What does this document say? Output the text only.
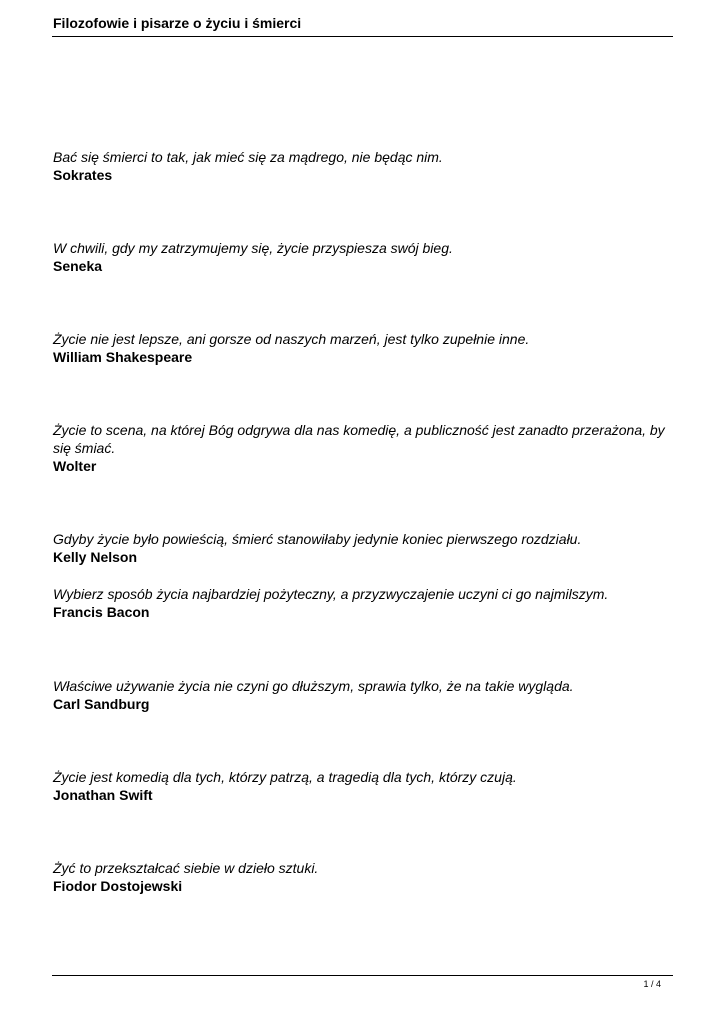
Filozofowie i pisarze o życiu i śmierci
Bać się śmierci to tak, jak mieć się za mądrego, nie będąc nim.
Sokrates
W chwili, gdy my zatrzymujemy się, życie przyspiesza swój bieg.
Seneka
Życie nie jest lepsze, ani gorsze od naszych marzeń, jest tylko zupełnie inne.
William Shakespeare
Życie to scena, na której Bóg odgrywa dla nas komedię, a publiczność jest zanadto przerażona, by się śmiać.
Wolter
Gdyby życie było powieścią, śmierć stanowiłaby jedynie koniec pierwszego rozdziału.
Kelly Nelson
Wybierz sposób życia najbardziej pożyteczny, a przyzwyczajenie uczyni ci go najmilszym.
Francis Bacon
Właściwe używanie życia nie czyni go dłuższym, sprawia tylko, że na takie wygląda.
Carl Sandburg
Życie jest komedią dla tych, którzy patrzą, a tragedią dla tych, którzy czują.
Jonathan Swift
Żyć to przekształcać siebie w dzieło sztuki.
Fiodor Dostojewski
1 / 4
